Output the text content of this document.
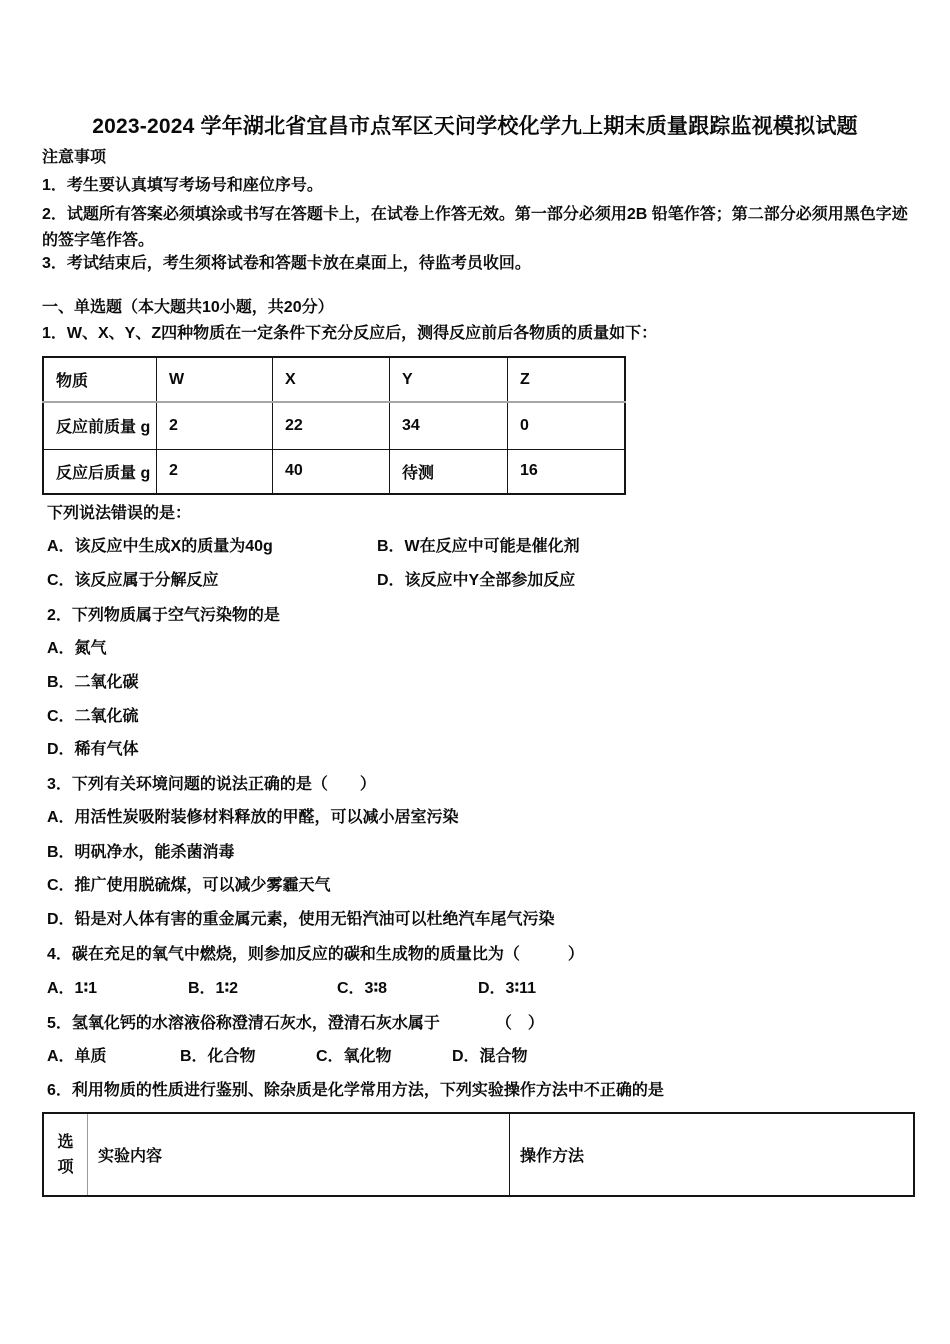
2023-2024 学年湖北省宜昌市点军区天问学校化学九上期末质量跟踪监视模拟试题
注意事项
1．考生要认真填写考场号和座位序号。
2．试题所有答案必须填涂或书写在答题卡上，在试卷上作答无效。第一部分必须用2B 铅笔作答；第二部分必须用黑色字迹的签字笔作答。
3．考试结束后，考生须将试卷和答题卡放在桌面上，待监考员收回。
一、单选题（本大题共10小题，共20分）
1．W、X、Y、Z四种物质在一定条件下充分反应后，测得反应前后各物质的质量如下：
物质	W	X	Y	Z
反应前质量 g	2	22	34	0
反应后质量 g	2	40	待测	16
下列说法错误的是：
A．该反应中生成X的质量为40g	B．W在反应中可能是催化剂
C．该反应属于分解反应	D．该反应中Y全部参加反应
2．下列物质属于空气污染物的是
A．氮气
B．二氧化碳
C．二氧化硫
D．稀有气体
3．下列有关环境问题的说法正确的是（　　）
A．用活性炭吸附装修材料释放的甲醛，可以减小居室污染
B．明矾净水，能杀菌消毒
C．推广使用脱硫煤，可以减少雾霾天气
D．铅是对人体有害的重金属元素，使用无铅汽油可以杜绝汽车尾气污染
4．碳在充足的氧气中燃烧，则参加反应的碳和生成物的质量比为（　　　）
A．1∶1	B．1∶2	C．3∶8	D．3∶11
5．氢氧化钙的水溶液俗称澄清石灰水，澄清石灰水属于　　　　（　）
A．单质	B．化合物	C．氧化物	D．混合物
6．利用物质的性质进行鉴别、除杂质是化学常用方法，下列实验操作方法中不正确的是
选项	实验内容	操作方法
